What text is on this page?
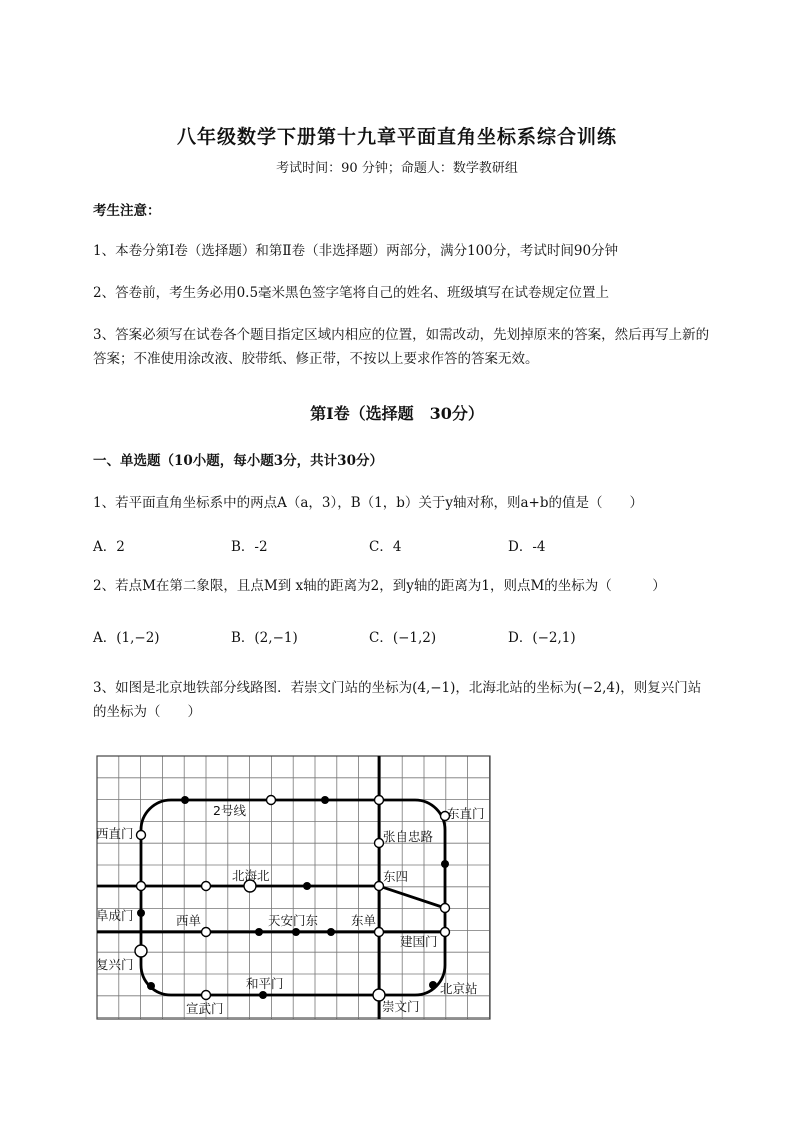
八年级数学下册第十九章平面直角坐标系综合训练
考试时间：90 分钟；命题人：数学教研组
考生注意：
1、本卷分第Ⅰ卷（选择题）和第Ⅱ卷（非选择题）两部分，满分100分，考试时间90分钟
2、答卷前，考生务必用0.5毫米黑色签字笔将自己的姓名、班级填写在试卷规定位置上
3、答案必须写在试卷各个题目指定区域内相应的位置，如需改动，先划掉原来的答案，然后再写上新的答案；不准使用涂改液、胶带纸、修正带，不按以上要求作答的答案无效。
第Ⅰ卷（选择题　30分）
一、单选题（10小题，每小题3分，共计30分）
1、若平面直角坐标系中的两点A（a，3），B（1，b）关于y轴对称，则a+b的值是（　　）
A．2	B．-2	C．4	D．-4
2、若点M在第二象限，且点M到 x轴的距离为2，到y轴的距离为1，则点M的坐标为（　　　）
A．(1,−2)	B．(2,−1)	C．(−1,2)	D．(−2,1)
3、如图是北京地铁部分线路图．若崇文门站的坐标为(4,−1)，北海北站的坐标为(−2,4)，则复兴门站的坐标为（　　）
2号线
西直门
东直门
张自忠路
北海北	东四
阜成门	西单	天安门东	东单
建国门
复兴门
和平门	北京站
宣武门	崇文门
